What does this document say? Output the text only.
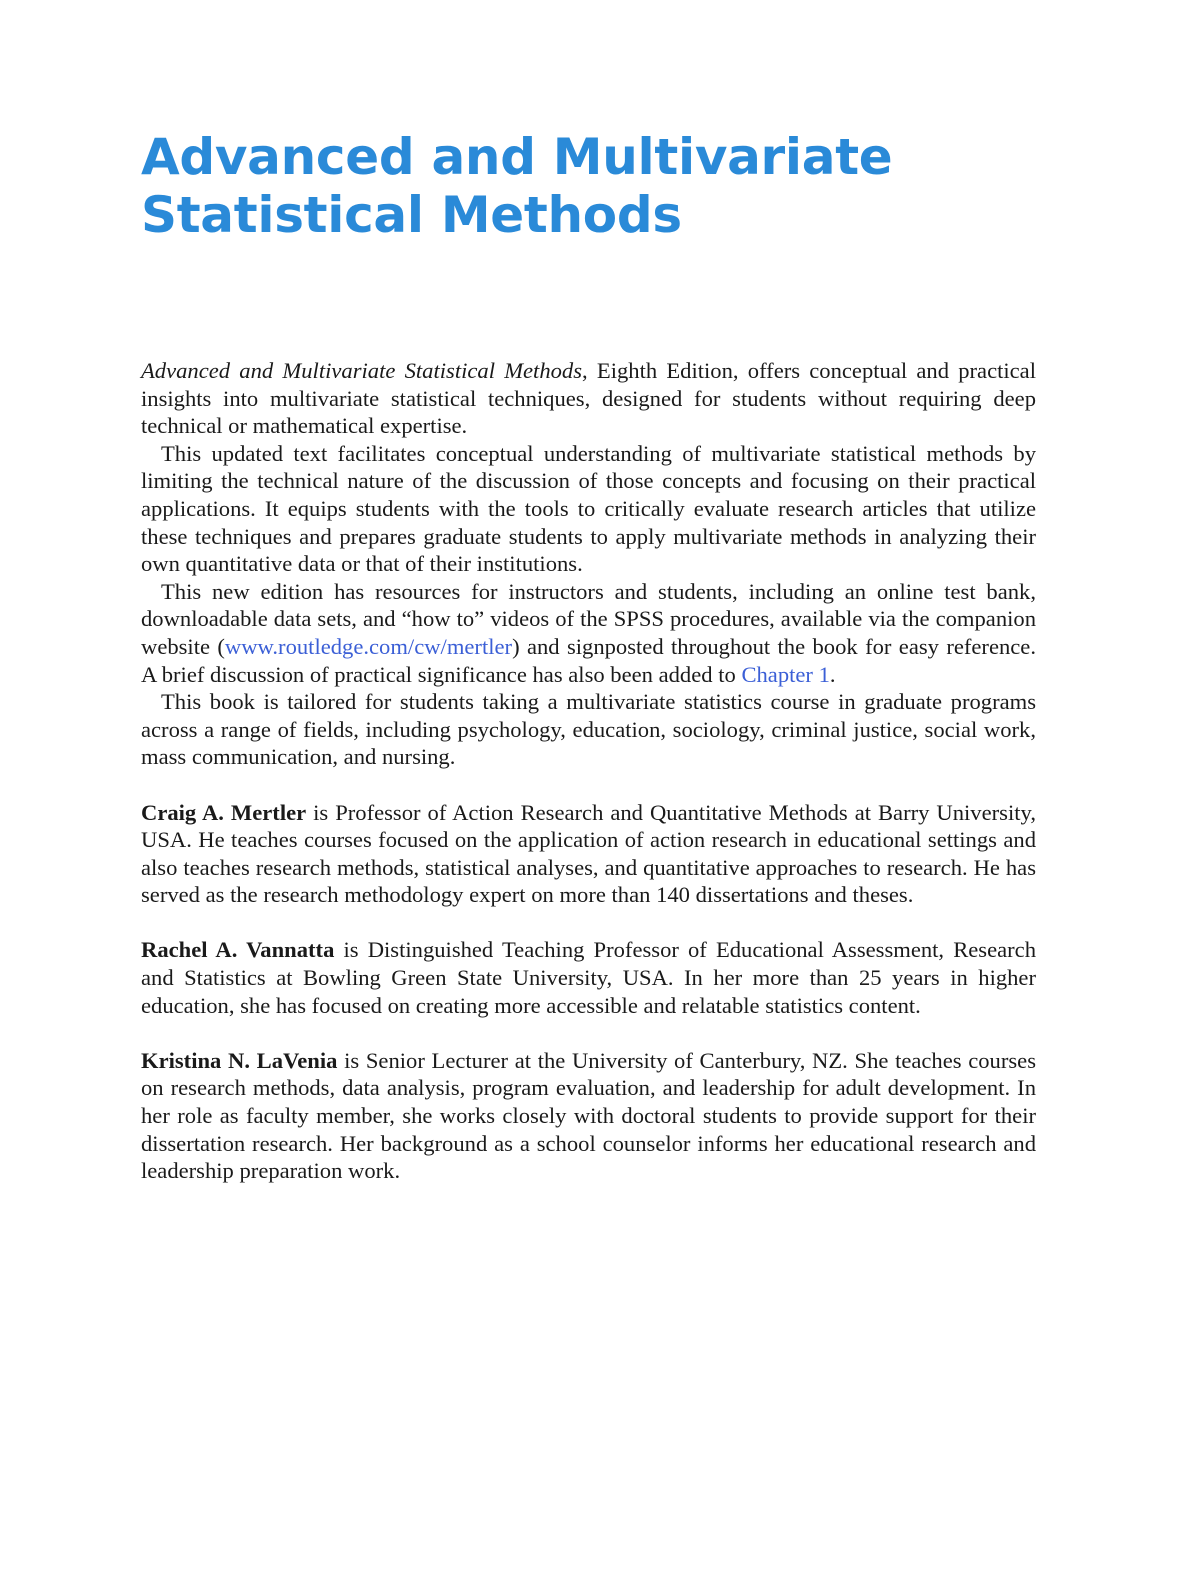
Advanced and Multivariate
Statistical Methods

Advanced and Multivariate Statistical Methods, Eighth Edition, offers conceptual and practical insights into multivariate statistical techniques, designed for students without requiring deep technical or mathematical expertise.

This updated text facilitates conceptual understanding of multivariate statistical methods by limiting the technical nature of the discussion of those concepts and focusing on their practical applications. It equips students with the tools to critically evaluate research articles that utilize these techniques and prepares graduate students to apply multivariate methods in analyzing their own quantitative data or that of their institutions.

This new edition has resources for instructors and students, including an online test bank, downloadable data sets, and “how to” videos of the SPSS procedures, available via the companion website (www.routledge.com/cw/mertler) and signposted throughout the book for easy reference. A brief discussion of practical significance has also been added to Chapter 1.

This book is tailored for students taking a multivariate statistics course in graduate programs across a range of fields, including psychology, education, sociology, criminal justice, social work, mass communication, and nursing.

Craig A. Mertler is Professor of Action Research and Quantitative Methods at Barry University, USA. He teaches courses focused on the application of action research in educational settings and also teaches research methods, statistical analyses, and quantitative approaches to research. He has served as the research methodology expert on more than 140 dissertations and theses.

Rachel A. Vannatta is Distinguished Teaching Professor of Educational Assessment, Research and Statistics at Bowling Green State University, USA. In her more than 25 years in higher education, she has focused on creating more accessible and relatable statistics content.

Kristina N. LaVenia is Senior Lecturer at the University of Canterbury, NZ. She teaches courses on research methods, data analysis, program evaluation, and leadership for adult development. In her role as faculty member, she works closely with doctoral students to provide support for their dissertation research. Her background as a school counselor informs her educational research and leadership preparation work.
